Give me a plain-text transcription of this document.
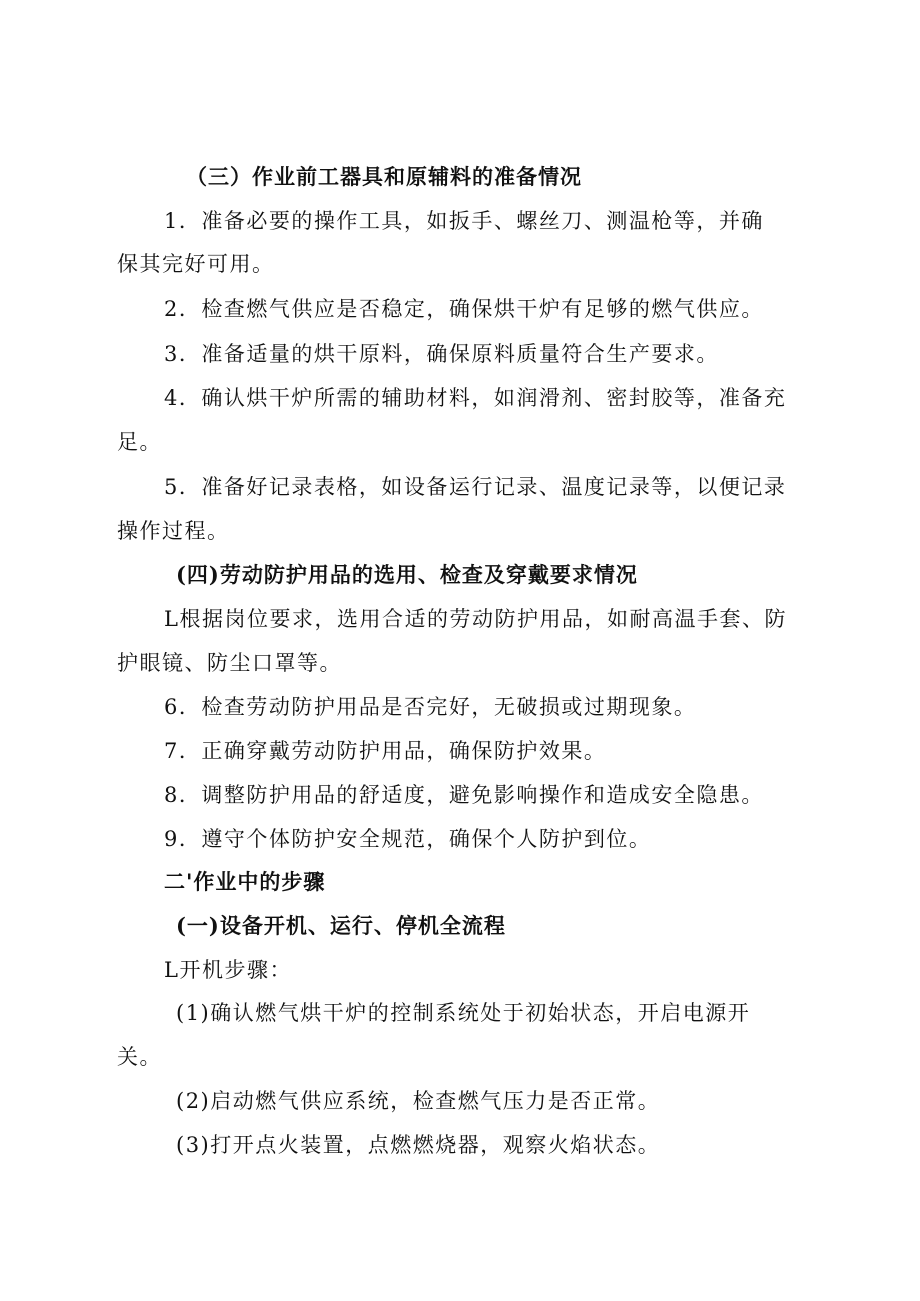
（三）作业前工器具和原辅料的准备情况
1．准备必要的操作工具，如扳手、螺丝刀、测温枪等，并确
保其完好可用。
2．检查燃气供应是否稳定，确保烘干炉有足够的燃气供应。
3．准备适量的烘干原料，确保原料质量符合生产要求。
4．确认烘干炉所需的辅助材料，如润滑剂、密封胶等，准备充
足。
5．准备好记录表格，如设备运行记录、温度记录等，以便记录
操作过程。
(四)劳动防护用品的选用、检查及穿戴要求情况
L根据岗位要求，选用合适的劳动防护用品，如耐高温手套、防
护眼镜、防尘口罩等。
6．检查劳动防护用品是否完好，无破损或过期现象。
7．正确穿戴劳动防护用品，确保防护效果。
8．调整防护用品的舒适度，避免影响操作和造成安全隐患。
9．遵守个体防护安全规范，确保个人防护到位。
二'作业中的步骤
(一)设备开机、运行、停机全流程
L开机步骤：
(1)确认燃气烘干炉的控制系统处于初始状态，开启电源开
关。
(2)启动燃气供应系统，检查燃气压力是否正常。
(3)打开点火装置，点燃燃烧器，观察火焰状态。
